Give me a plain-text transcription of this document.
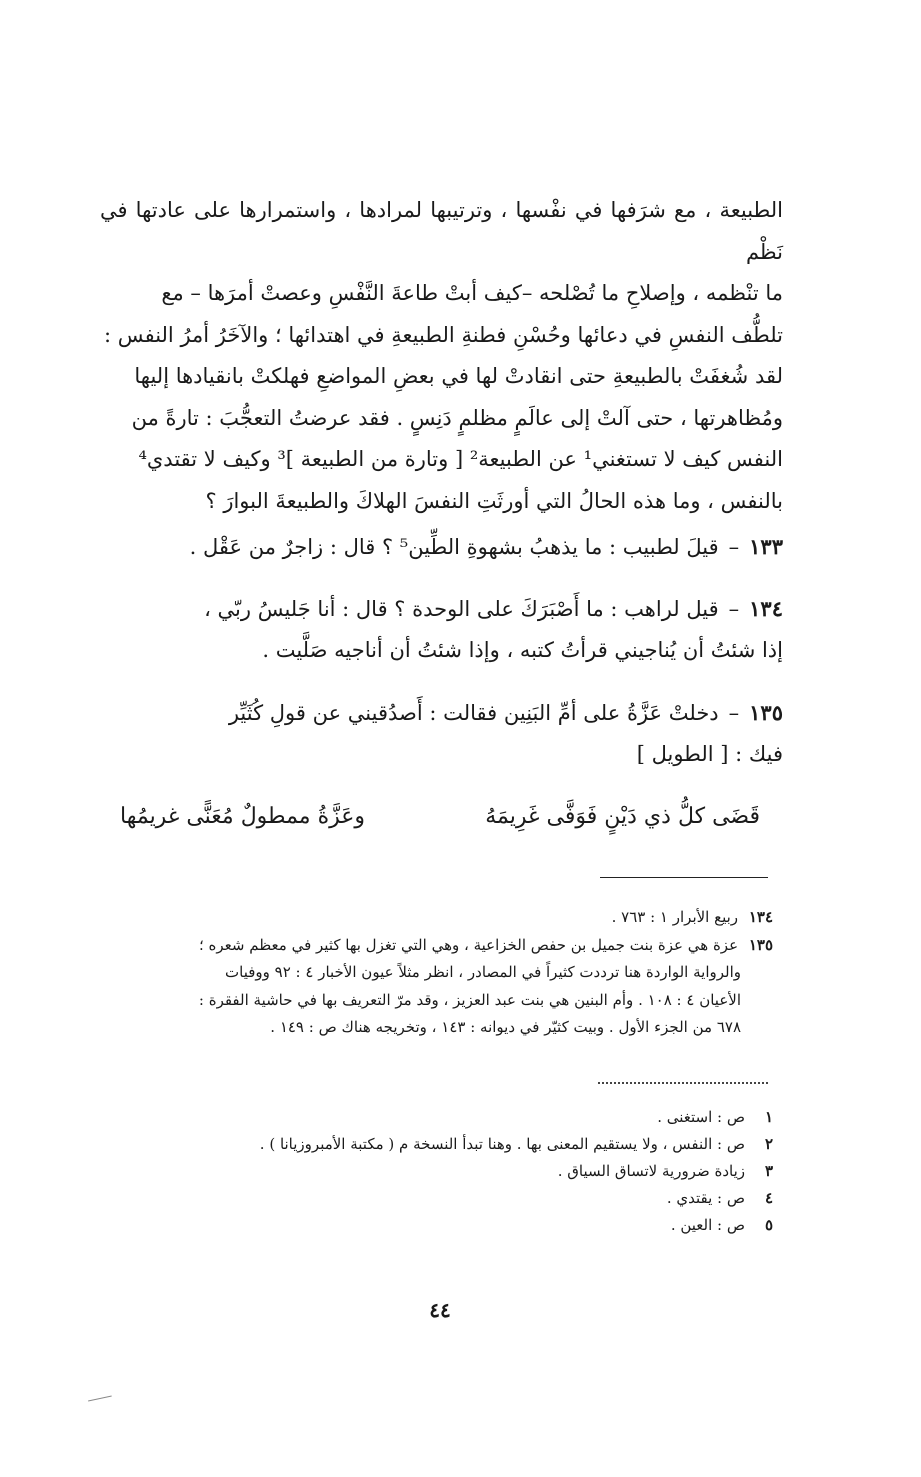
الطبيعة ، مع شرَفها في نفْسها ، وترتيبها لمرادها ، واستمرارها على عادتها في نَظْم
ما تنْظمه ، وإصلاحِ ما تُصْلحه –كيف أبتْ طاعةَ النَّفْسِ وعصتْ أمرَها – مع
تلطُّف النفسِ في دعائها وحُسْنِ فطنةِ الطبيعةِ في اهتدائها ؛ والآخَرُ أمرُ النفس :
لقد شُغفَتْ بالطبيعةِ حتى انقادتْ لها في بعضِ المواضعِ فهلكتْ بانقيادها إليها
ومُظاهرتها ، حتى آلتْ إلى عالَمٍ مظلمٍ دَنِسٍ . فقد عرضتُ التعجُّبَ : تارةً من
النفس كيف لا تستغني¹ عن الطبيعة² [ وتارة من الطبيعة ]³ وكيف لا تقتدي⁴
بالنفس ، وما هذه الحالُ التي أورثَتِ النفسَ الهلاكَ والطبيعةَ البوارَ ؟
١٣٣–قيلَ لطبيب : ما يذهبُ بشهوةِ الطِّين⁵ ؟ قال : زاجرٌ من عَقْل .
١٣٤–قيل لراهب : ما أَصْبَرَكَ على الوحدة ؟ قال : أنا جَليسُ ربّي ،
إذا شئتُ أن يُناجيني قرأتُ كتبه ، وإذا شئتُ أن أناجيه صَلَّيت .
١٣٥–دخلتْ عَزَّةُ على أمِّ البَنِين فقالت : أَصدُقيني عن قولِ كُثَيِّر
فيك : [ الطويل ]
قَضَى كلُّ ذي دَيْنٍ فَوَفَّى غَرِيمَهُ
وعَزَّةُ ممطولٌ مُعَنًّى غريمُها
١٣٤ ربيع الأبرار ١ : ٧٦٣ .
١٣٥ عزة هي عزة بنت جميل بن حفص الخزاعية ، وهي التي تغزل بها كثير في معظم شعره ؛
والرواية الواردة هنا ترددت كثيراً في المصادر ، انظر مثلاً عيون الأخبار ٤ : ٩٢ ووفيات
الأعيان ٤ : ١٠٨ . وأم البنين هي بنت عبد العزيز ، وقد مرّ التعريف بها في حاشية الفقرة :
٦٧٨ من الجزء الأول . وبيت كثيّر في ديوانه : ١٤٣ ، وتخريجه هناك ص : ١٤٩ .
١ص : استغنى .
٢ص : النفس ، ولا يستقيم المعنى بها . وهنا تبدأ النسخة م ( مكتبة الأمبروزيانا ) .
٣زيادة ضرورية لاتساق السياق .
٤ص : يقتدي .
٥ص : العين .
٤٤
